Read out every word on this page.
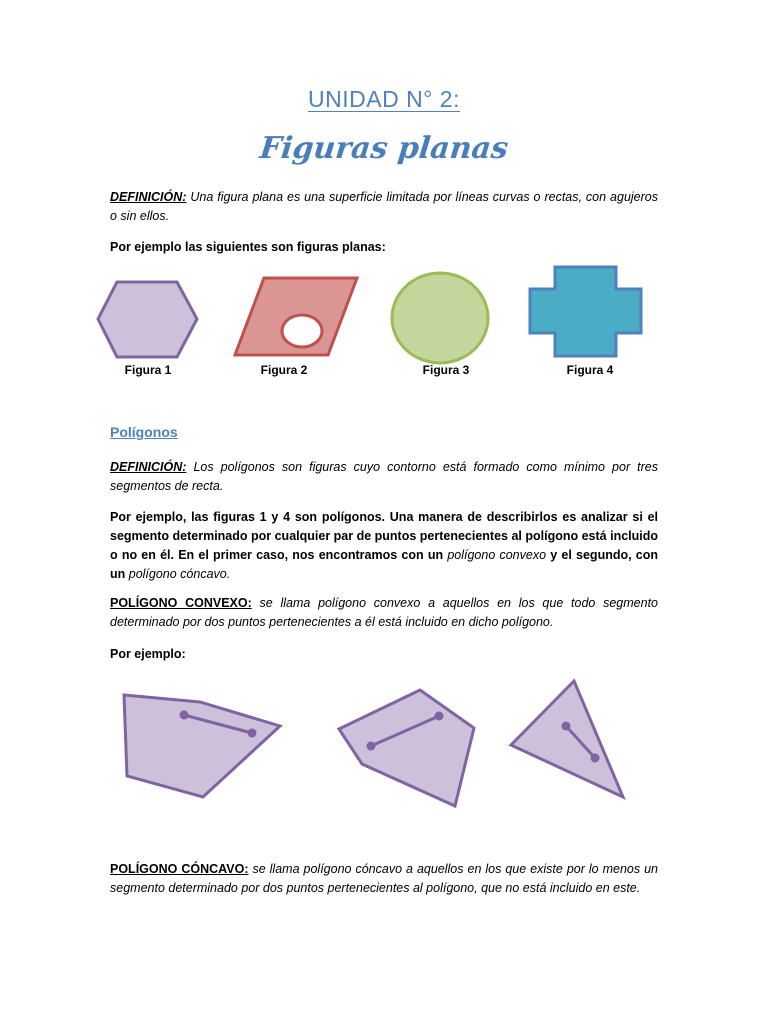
UNIDAD N° 2:
Figuras planas
DEFINICIÓN: Una figura plana es una superficie limitada por líneas curvas o rectas, con agujeros o sin ellos.
Por ejemplo las siguientes son figuras planas:
Figura 1	Figura 2	Figura 3	Figura 4
Polígonos
DEFINICIÓN: Los polígonos son figuras cuyo contorno está formado como mínimo por tres segmentos de recta.
Por ejemplo, las figuras 1 y 4 son polígonos. Una manera de describirlos es analizar si el segmento determinado por cualquier par de puntos pertenecientes al polígono está incluido o no en él. En el primer caso, nos encontramos con un polígono convexo y el segundo, con un polígono cóncavo.
POLÍGONO CONVEXO: se llama polígono convexo a aquellos en los que todo segmento determinado por dos puntos pertenecientes a él está incluido en dicho polígono.
Por ejemplo:
POLÍGONO CÓNCAVO: se llama polígono cóncavo a aquellos en los que existe por lo menos un segmento determinado por dos puntos pertenecientes al polígono, que no está incluido en este.
